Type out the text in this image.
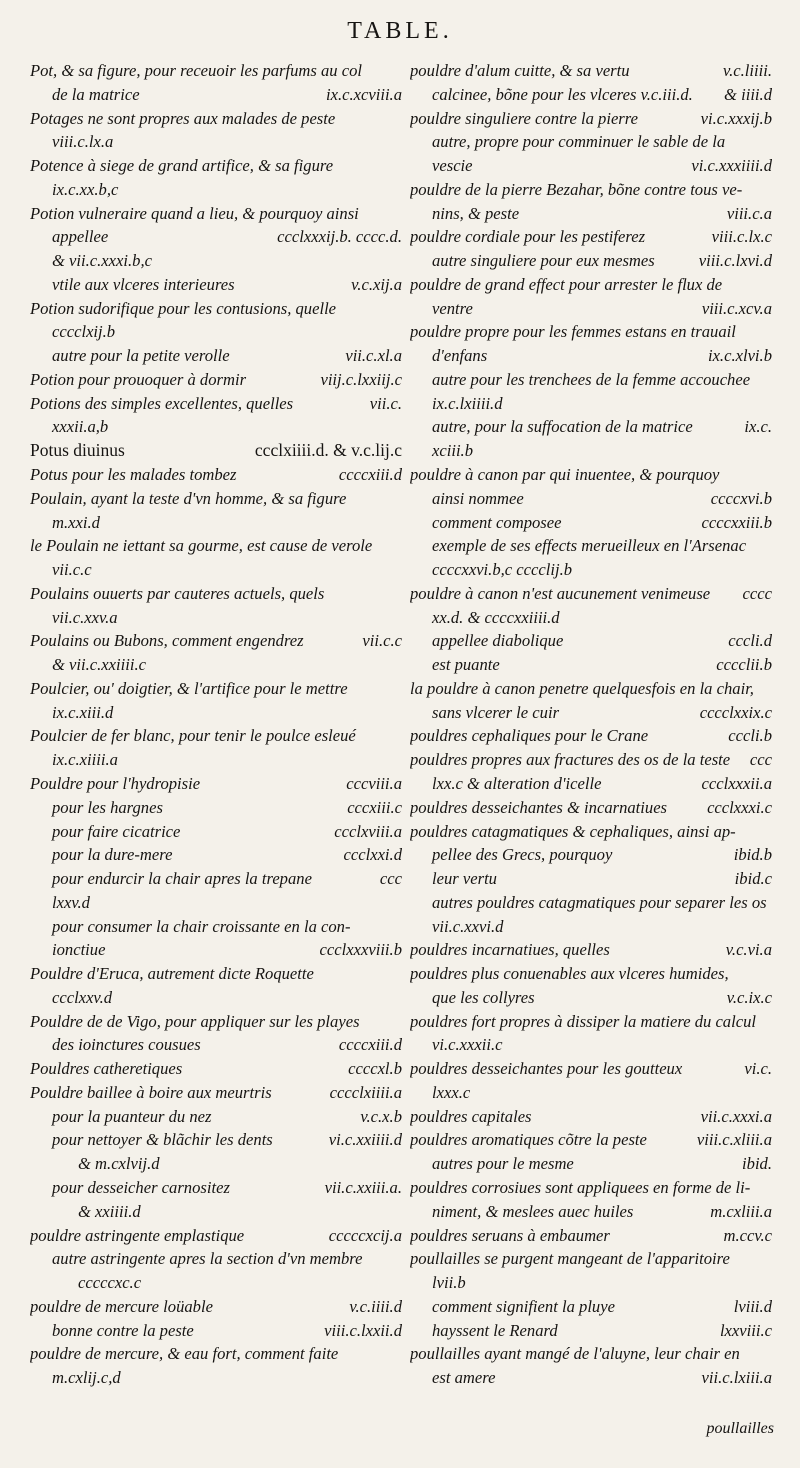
TABLE.
Pot, & sa figure, pour receuoir les parfums au col
de la matrice	ix.c.xcviii.a
Potages ne sont propres aux malades de peste
viii.c.lx.a
Potence à siege de grand artifice, & sa figure
ix.c.xx.b,c
Potion vulneraire quand a lieu, & pourquoy ainsi
appellee	ccclxxxij.b. cccc.d.
& vii.c.xxxi.b,c
vtile aux vlceres interieures	v.c.xij.a
Potion sudorifique pour les contusions, quelle
cccclxij.b
autre pour la petite verolle	vii.c.xl.a
Potion pour prouoquer à dormir	viij.c.lxxiij.c
Potions des simples excellentes, quelles	vii.c.
xxxii.a,b
Potus diuinus	ccclxiiii.d. & v.c.lij.c
Potus pour les malades tombez	ccccxiii.d
Poulain, ayant la teste d'vn homme, & sa figure
m.xxi.d
le Poulain ne iettant sa gourme, est cause de verole
vii.c.c
Poulains ouuerts par cauteres actuels, quels
vii.c.xxv.a
Poulains ou Bubons, comment engendrez	vii.c.c
& vii.c.xxiiii.c
Poulcier, ou' doigtier, & l'artifice pour le mettre
ix.c.xiii.d
Poulcier de fer blanc, pour tenir le poulce esleué
ix.c.xiiii.a
Pouldre pour l'hydropisie	cccviii.a
pour les hargnes	cccxiii.c
pour faire cicatrice	ccclxviii.a
pour la dure-mere	ccclxxi.d
pour endurcir la chair apres la trepane	ccc
lxxv.d
pour consumer la chair croissante en la con-
ionctiue	ccclxxxviii.b
Pouldre d'Eruca, autrement dicte Roquette
ccclxxv.d
Pouldre de de Vigo, pour appliquer sur les playes
des ioinctures cousues	ccccxiii.d
Pouldres catheretiques	ccccxl.b
Pouldre baillee à boire aux meurtris	cccclxiiii.a
pour la puanteur du nez	v.c.x.b
pour nettoyer & blãchir les dents	vi.c.xxiiii.d
& m.cxlvij.d
pour desseicher carnositez	vii.c.xxiii.a.
& xxiiii.d
pouldre astringente emplastique	cccccxcij.a
autre astringente apres la section d'vn membre
cccccxc.c
pouldre de mercure loüable	v.c.iiii.d
bonne contre la peste	viii.c.lxxii.d
pouldre de mercure, & eau fort, comment faite
m.cxlij.c,d
pouldre d'alum cuitte, & sa vertu	v.c.liiii.
calcinee, bõne pour les vlceres v.c.iii.d. & iiii.d
pouldre singuliere contre la pierre	vi.c.xxxij.b
autre, propre pour comminuer le sable de la
vescie	vi.c.xxxiiii.d
pouldre de la pierre Bezahar, bõne contre tous ve-
nins, & peste	viii.c.a
pouldre cordiale pour les pestiferez	viii.c.lx.c
autre singuliere pour eux mesmes	viii.c.lxvi.d
pouldre de grand effect pour arrester le flux de
ventre	viii.c.xcv.a
pouldre propre pour les femmes estans en trauail
d'enfans	ix.c.xlvi.b
autre pour les trenchees de la femme accouchee
ix.c.lxiiii.d
autre, pour la suffocation de la matrice	ix.c.
xciii.b
pouldre à canon par qui inuentee, & pourquoy
ainsi nommee	ccccxvi.b
comment composee	ccccxxiii.b
exemple de ses effects merueilleux en l'Arsenac
ccccxxvi.b,c cccclij.b
pouldre à canon n'est aucunement venimeuse cccc
xx.d. & ccccxxiiii.d
appellee diabolique	cccli.d
est puante	cccclii.b
la pouldre à canon penetre quelquesfois en la chair,
sans vlcerer le cuir	cccclxxix.c
pouldres cephaliques pour le Crane	cccli.b
pouldres propres aux fractures des os de la teste ccc
lxx.c & alteration d'icelle	ccclxxxii.a
pouldres desseichantes & incarnatiues ccclxxxi.c
pouldres catagmatiques & cephaliques, ainsi ap-
pellee des Grecs, pourquoy	ibid.b
leur vertu	ibid.c
autres pouldres catagmatiques pour separer les os
vii.c.xxvi.d
pouldres incarnatiues, quelles	v.c.vi.a
pouldres plus conuenables aux vlceres humides,
que les collyres	v.c.ix.c
pouldres fort propres à dissiper la matiere du calcul
vi.c.xxxii.c
pouldres desseichantes pour les goutteux	vi.c.
lxxx.c
pouldres capitales	vii.c.xxxi.a
pouldres aromatiques cõtre la peste	viii.c.xliii.a
autres pour le mesme	ibid.
pouldres corrosiues sont appliquees en forme de li-
niment, & meslees auec huiles	m.cxliii.a
pouldres seruans à embaumer	m.ccv.c
poullailles se purgent mangeant de l'apparitoire
lvii.b
comment signifient la pluye	lviii.d
hayssent le Renard	lxxviii.c
poullailles ayant mangé de l'aluyne, leur chair en
est amere	vii.c.lxiii.a
poullailles
